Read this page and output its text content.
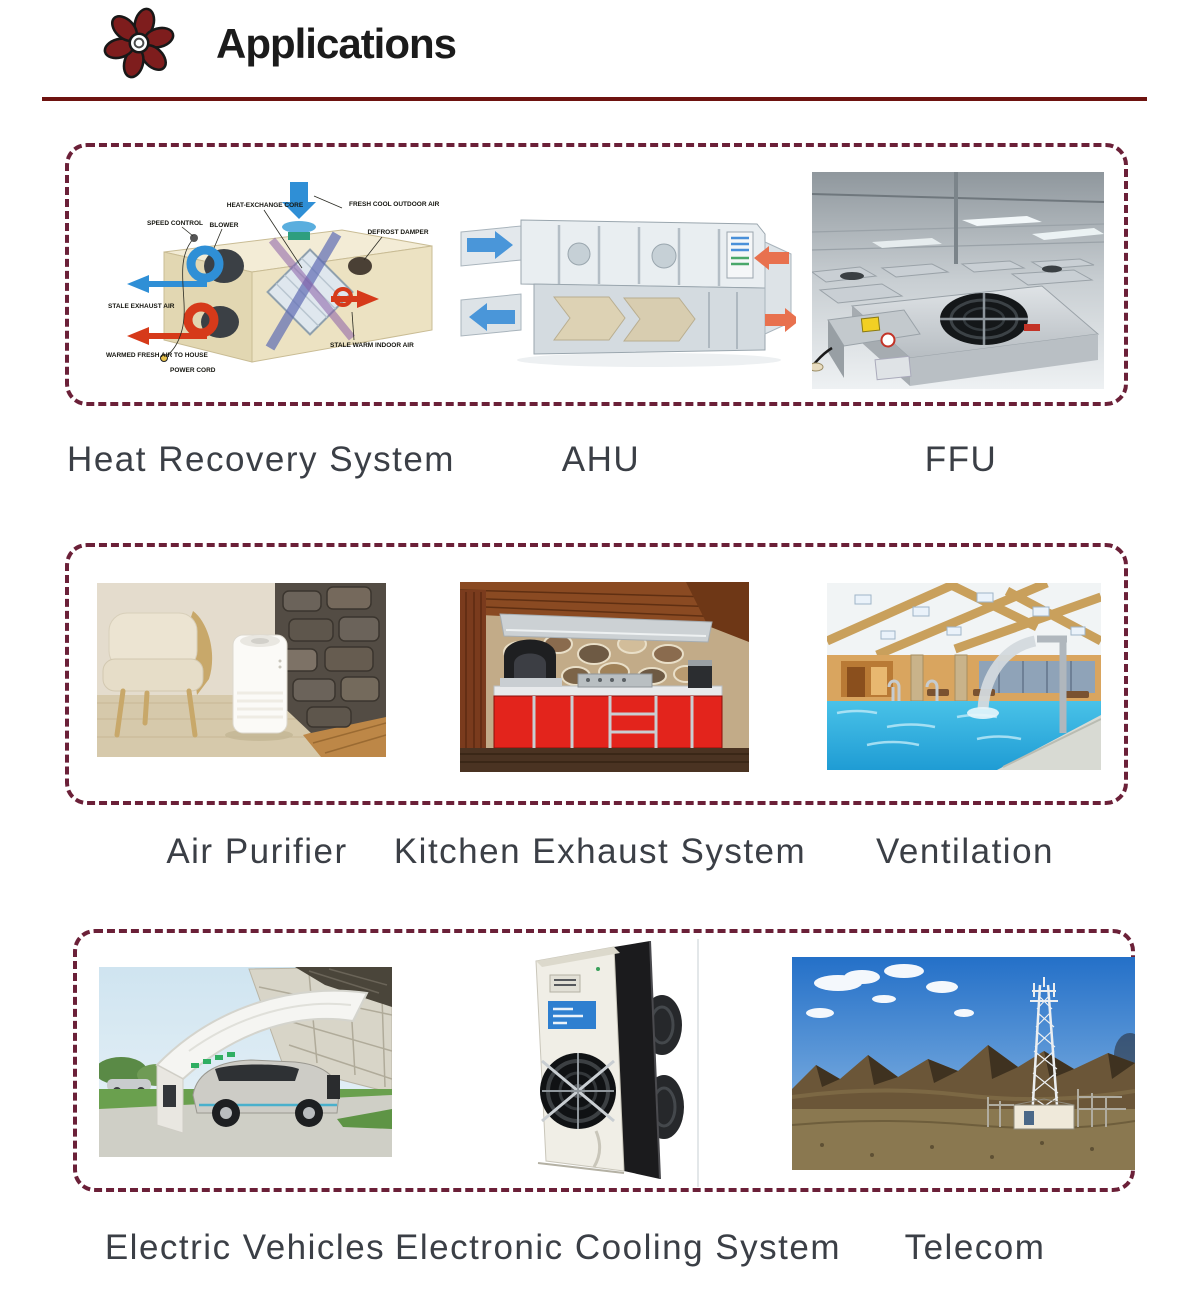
Applications
SPEED CONTROL BLOWER
HEAT-EXCHANGE CORE	FRESH COOL OUTDOOR AIR
DEFROST DAMPER
STALE EXHAUST AIR
WARMED FRESH AIR TO HOUSE
POWER CORD
STALE WARM INDOOR AIR
Heat Recovery System	AHU	FFU
Air Purifier Kitchen Exhaust System Ventilation
Electric Vehicles Electronic Cooling System Telecom
